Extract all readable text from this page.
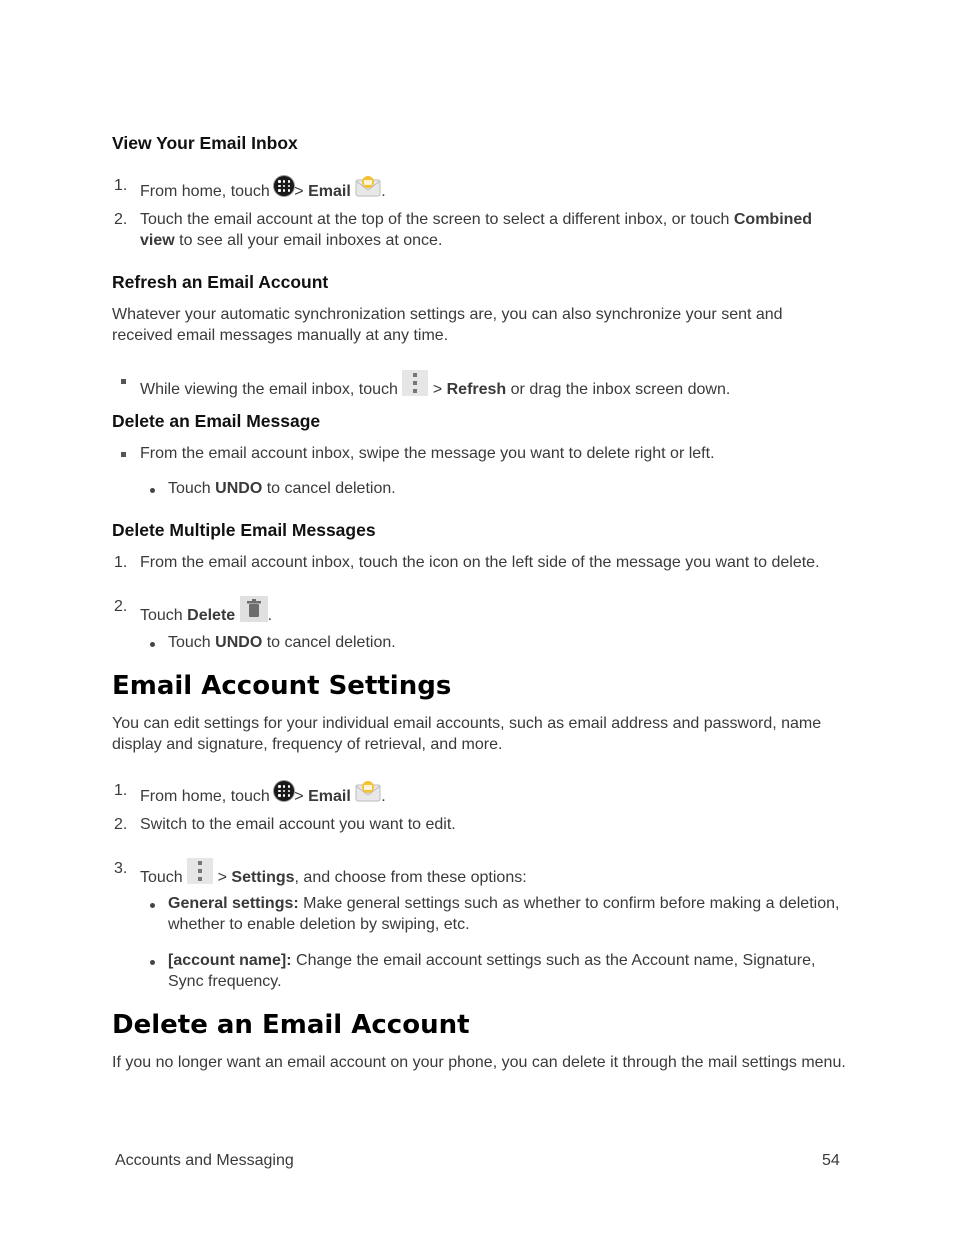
View Your Email Inbox
1. From home, touch > Email .
2. Touch the email account at the top of the screen to select a different inbox, or touch Combined view to see all your email inboxes at once.
Refresh an Email Account
Whatever your automatic synchronization settings are, you can also synchronize your sent and received email messages manually at any time.
While viewing the email inbox, touch > Refresh or drag the inbox screen down.
Delete an Email Message
From the email account inbox, swipe the message you want to delete right or left.
Touch UNDO to cancel deletion.
Delete Multiple Email Messages
1. From the email account inbox, touch the icon on the left side of the message you want to delete.
2.
Touch Delete .
Touch UNDO to cancel deletion.
Email Account Settings
You can edit settings for your individual email accounts, such as email address and password, name display and signature, frequency of retrieval, and more.
1. From home, touch > Email .
2. Switch to the email account you want to edit.
3.
Touch > Settings, and choose from these options:
General settings: Make general settings such as whether to confirm before making a deletion, whether to enable deletion by swiping, etc.
[account name]: Change the email account settings such as the Account name, Signature, Sync frequency.
Delete an Email Account
If you no longer want an email account on your phone, you can delete it through the mail settings menu.
Accounts and Messaging	54
